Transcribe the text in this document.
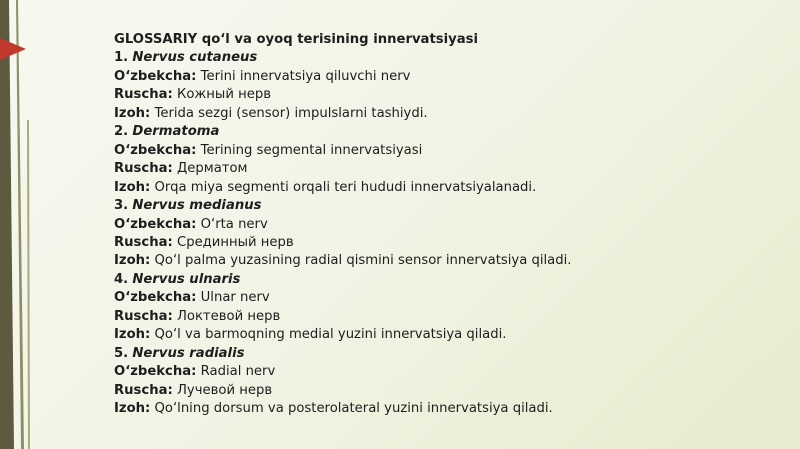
GLOSSARIY qo‘l va oyoq terisining innervatsiyasi
1. Nervus cutaneus
O‘zbekcha: Terini innervatsiya qiluvchi nerv
Ruscha: Кожный нерв
Izoh: Terida sezgi (sensor) impulslarni tashiydi.
2. Dermatoma
O‘zbekcha: Terining segmental innervatsiyasi
Ruscha: Дерматом
Izoh: Orqa miya segmenti orqali teri hududi innervatsiyalanadi.
3. Nervus medianus
O‘zbekcha: O‘rta nerv
Ruscha: Срединный нерв
Izoh: Qo‘l palma yuzasining radial qismini sensor innervatsiya qiladi.
4. Nervus ulnaris
O‘zbekcha: Ulnar nerv
Ruscha: Локтевой нерв
Izoh: Qo‘l va barmoqning medial yuzini innervatsiya qiladi.
5. Nervus radialis
O‘zbekcha: Radial nerv
Ruscha: Лучевой нерв
Izoh: Qo‘lning dorsum va posterolateral yuzini innervatsiya qiladi.
